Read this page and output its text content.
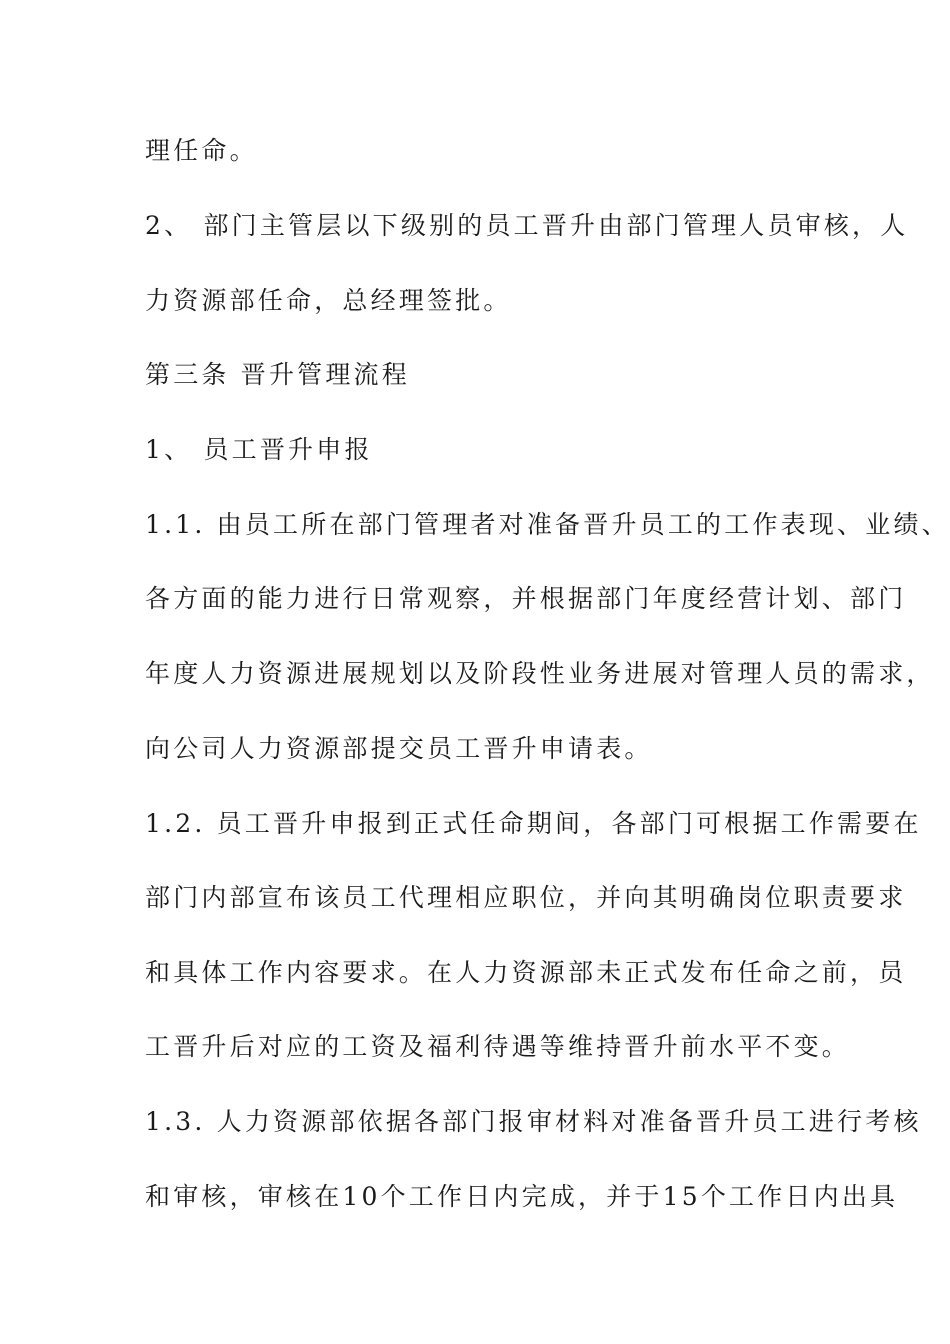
理任命。
2、 部门主管层以下级别的员工晋升由部门管理人员审核，人
力资源部任命，总经理签批。
第三条 晋升管理流程
1、 员工晋升申报
1.1. 由员工所在部门管理者对准备晋升员工的工作表现、业绩、
各方面的能力进行日常观察，并根据部门年度经营计划、部门
年度人力资源进展规划以及阶段性业务进展对管理人员的需求，
向公司人力资源部提交员工晋升申请表。
1.2. 员工晋升申报到正式任命期间，各部门可根据工作需要在
部门内部宣布该员工代理相应职位，并向其明确岗位职责要求
和具体工作内容要求。在人力资源部未正式发布任命之前，员
工晋升后对应的工资及福利待遇等维持晋升前水平不变。
1.3. 人力资源部依据各部门报审材料对准备晋升员工进行考核
和审核，审核在10个工作日内完成，并于15个工作日内出具
